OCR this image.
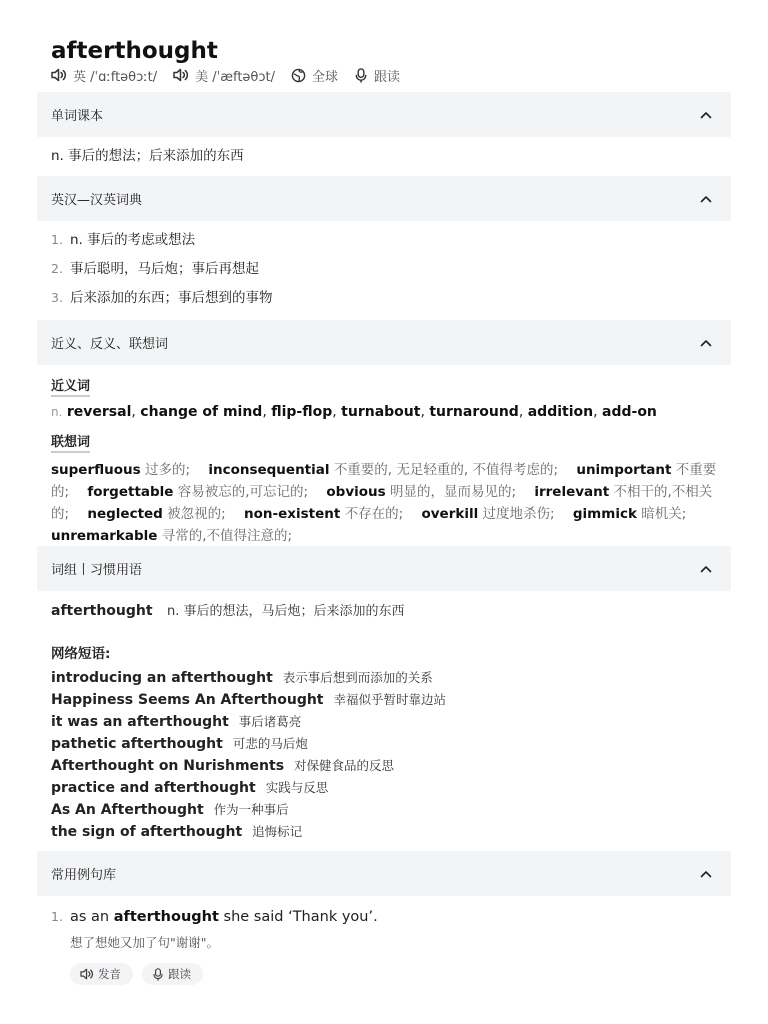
afterthought
英 /ˈɑːftəθɔːt/	美 /ˈæftəθɔt/	全球	跟读
单词课本
n. 事后的想法；后来添加的东西
英汉—汉英词典
1. n. 事后的考虑或想法
2. 事后聪明，马后炮；事后再想起
3. 后来添加的东西；事后想到的事物
近义、反义、联想词
近义词
n. reversal, change of mind, flip-flop, turnabout, turnaround, addition, add-on
联想词
superfluous 过多的; inconsequential 不重要的, 无足轻重的, 不值得考虑的; unimportant 不重要的; forgettable 容易被忘的,可忘记的; obvious 明显的，显而易见的; irrelevant 不相干的,不相关的; neglected 被忽视的; non-existent 不存在的; overkill 过度地杀伤; gimmick 暗机关; unremarkable 寻常的,不值得注意的;
词组丨习惯用语
afterthought n. 事后的想法，马后炮；后来添加的东西
网络短语:
introducing an afterthought 表示事后想到而添加的关系
Happiness Seems An Afterthought 幸福似乎暂时靠边站
it was an afterthought 事后诸葛亮
pathetic afterthought 可悲的马后炮
Afterthought on Nurishments 对保健食品的反思
practice and afterthought 实践与反思
As An Afterthought 作为一种事后
the sign of afterthought 追悔标记
常用例句库
1. as an afterthought she said ‘Thank you’.
想了想她又加了句"谢谢"。
发音	跟读
